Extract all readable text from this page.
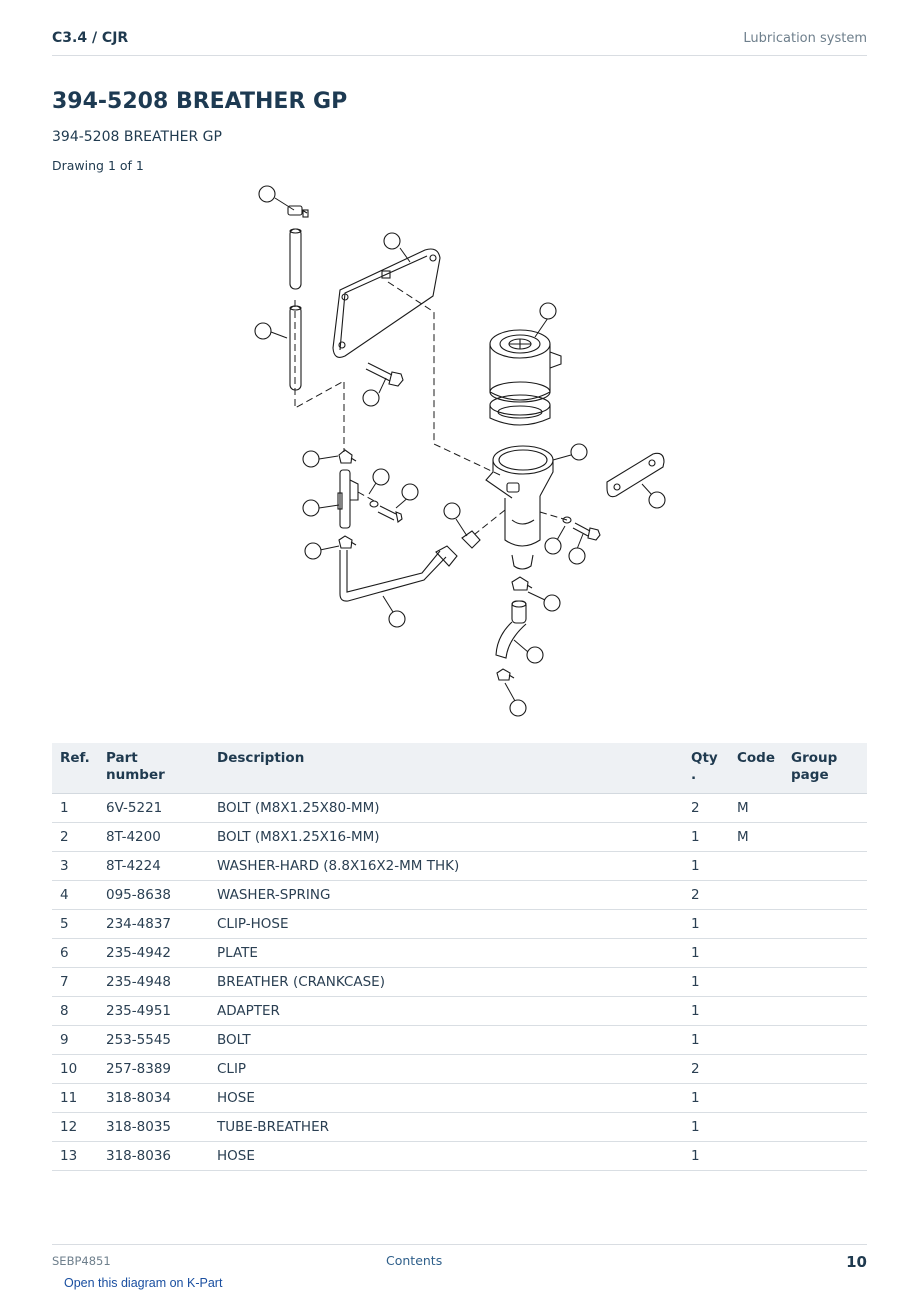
C3.4 / CJR	Lubrication system
394-5208 BREATHER GP
394-5208 BREATHER GP
Drawing 1 of 1
Ref.	Part number	Description	Qty .	Code	Group page
1	6V-5221	BOLT (M8X1.25X80-MM)	2	M	
2	8T-4200	BOLT (M8X1.25X16-MM)	1	M	
3	8T-4224	WASHER-HARD (8.8X16X2-MM THK)	1		
4	095-8638	WASHER-SPRING	2		
5	234-4837	CLIP-HOSE	1		
6	235-4942	PLATE	1		
7	235-4948	BREATHER (CRANKCASE)	1		
8	235-4951	ADAPTER	1		
9	253-5545	BOLT	1		
10	257-8389	CLIP	2		
11	318-8034	HOSE	1		
12	318-8035	TUBE-BREATHER	1		
13	318-8036	HOSE	1		
SEBP4851	Contents	10
Open this diagram on K-Part
